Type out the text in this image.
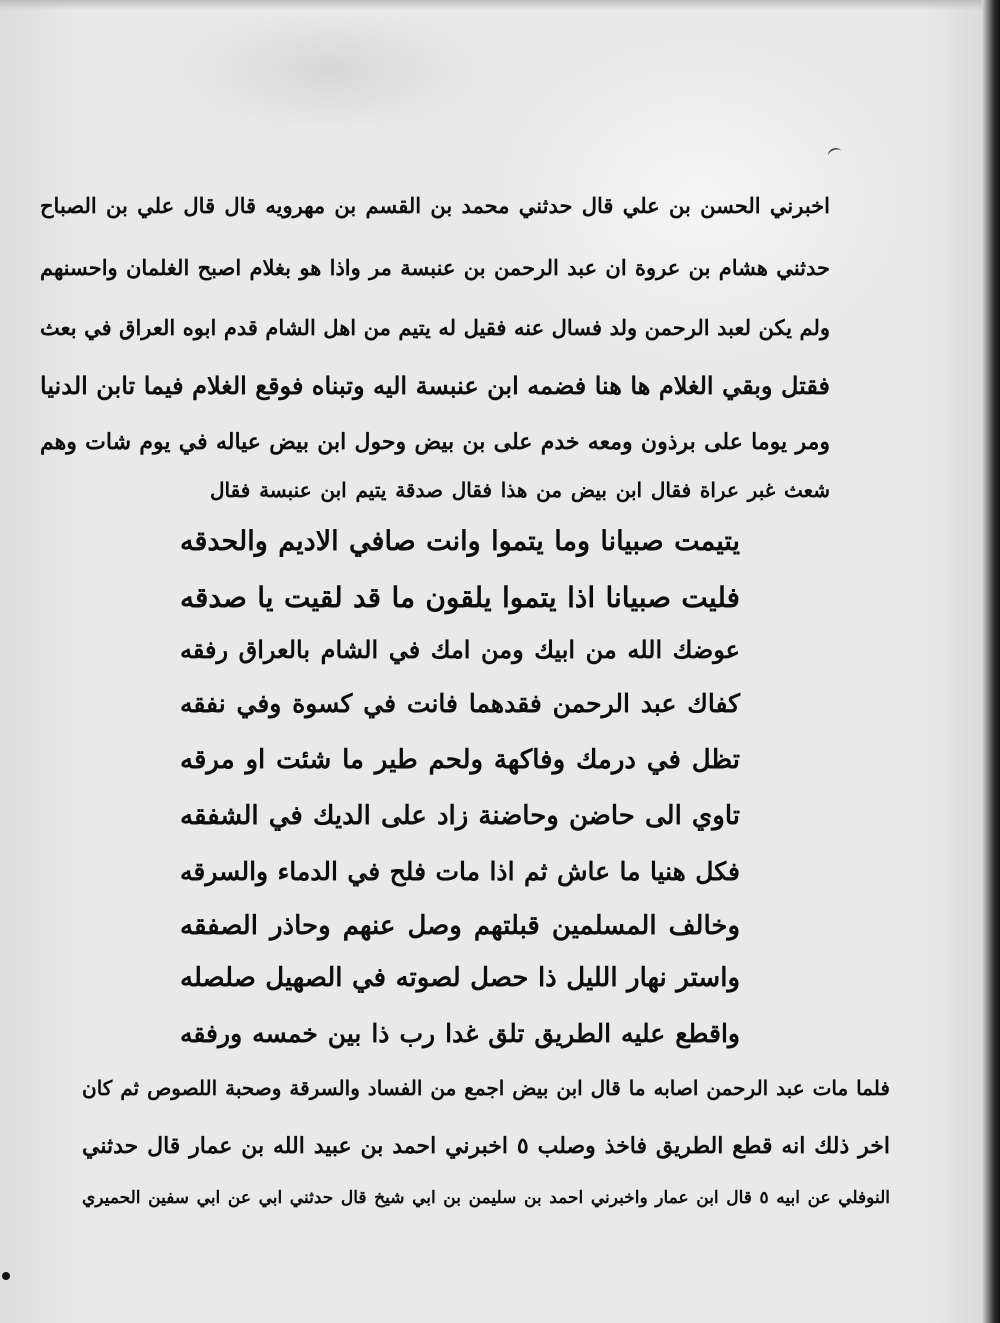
اخبرني الحسن بن علي قال حدثني محمد بن القسم بن مهرويه قال قال علي بن الصباح
حدثني هشام بن عروة ان عبد الرحمن بن عنبسة مر واذا هو بغلام اصبح الغلمان واحسنهم
ولم يكن لعبد الرحمن ولد فسال عنه فقيل له يتيم من اهل الشام قدم ابوه العراق في بعث
فقتل وبقي الغلام ها هنا فضمه ابن عنبسة اليه وتبناه فوقع الغلام فيما تابن الدنيا
ومر يوما على برذون ومعه خدم على بن بيض وحول ابن بيض عياله في يوم شات وهم
شعث غبر عراة فقال ابن بيض من هذا فقال صدقة يتيم ابن عنبسة فقال
يتيمت صبيانا وما يتموا وانت صافي الاديم والحدقه
فليت صبيانا اذا يتموا يلقون ما قد لقيت يا صدقه
عوضك الله من ابيك ومن امك في الشام بالعراق رفقه
كفاك عبد الرحمن فقدهما فانت في كسوة وفي نفقه
تظل في درمك وفاكهة ولحم طير ما شئت او مرقه
تاوي الى حاضن وحاضنة زاد على الديك في الشفقه
فكل هنيا ما عاش ثم اذا مات فلح في الدماء والسرقه
وخالف المسلمين قبلتهم وصل عنهم وحاذر الصفقه
واستر نهار الليل ذا حصل لصوته في الصهيل صلصله
واقطع عليه الطريق تلق غدا رب ذا بين خمسه ورفقه
فلما مات عبد الرحمن اصابه ما قال ابن بيض اجمع من الفساد والسرقة وصحبة اللصوص ثم كان
اخر ذلك انه قطع الطريق فاخذ وصلب ٥ اخبرني احمد بن عبيد الله بن عمار قال حدثني
النوفلي عن ابيه ٥ قال ابن عمار واخبرني احمد بن سليمن بن ابي شيخ قال حدثني ابي عن ابي سفين الحميري
